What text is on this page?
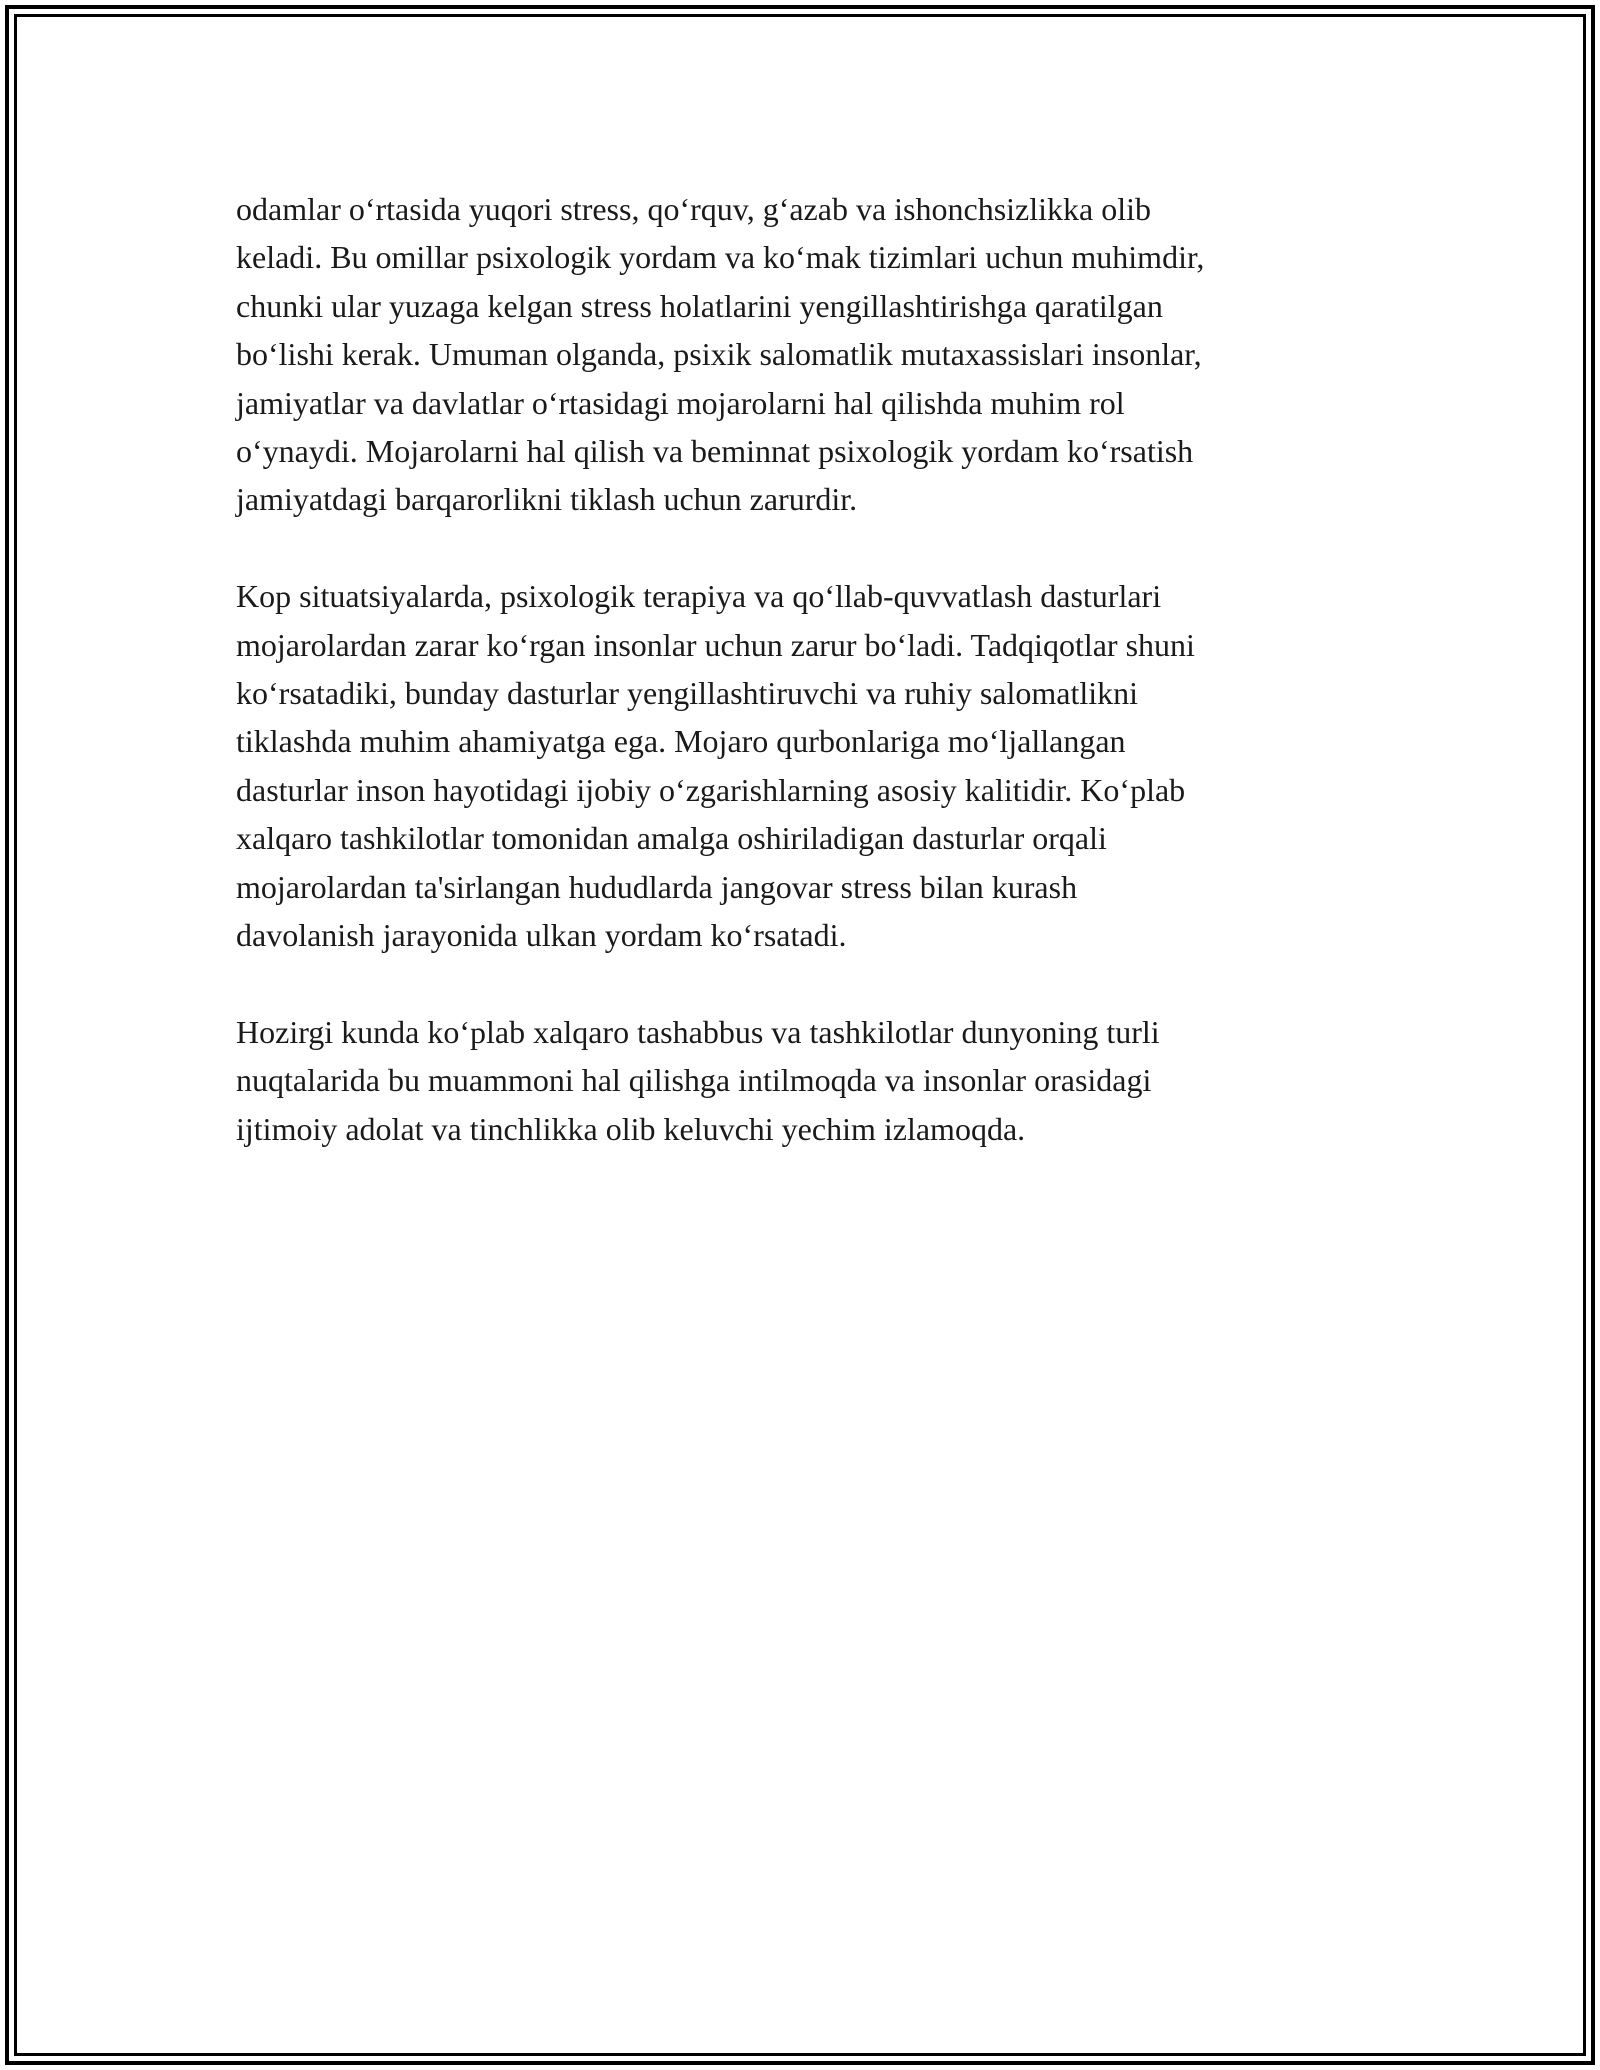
odamlar o‘rtasida yuqori stress, qo‘rquv, g‘azab va ishonchsizlikka olib
keladi. Bu omillar psixologik yordam va ko‘mak tizimlari uchun muhimdir,
chunki ular yuzaga kelgan stress holatlarini yengillashtirishga qaratilgan
bo‘lishi kerak. Umuman olganda, psixik salomatlik mutaxassislari insonlar,
jamiyatlar va davlatlar o‘rtasidagi mojarolarni hal qilishda muhim rol
o‘ynaydi. Mojarolarni hal qilish va beminnat psixologik yordam ko‘rsatish
jamiyatdagi barqarorlikni tiklash uchun zarurdir.

Kop situatsiyalarda, psixologik terapiya va qo‘llab-quvvatlash dasturlari
mojarolardan zarar ko‘rgan insonlar uchun zarur bo‘ladi. Tadqiqotlar shuni
ko‘rsatadiki, bunday dasturlar yengillashtiruvchi va ruhiy salomatlikni
tiklashda muhim ahamiyatga ega. Mojaro qurbonlariga mo‘ljallangan
dasturlar inson hayotidagi ijobiy o‘zgarishlarning asosiy kalitidir. Ko‘plab
xalqaro tashkilotlar tomonidan amalga oshiriladigan dasturlar orqali
mojarolardan ta'sirlangan hududlarda jangovar stress bilan kurash
davolanish jarayonida ulkan yordam ko‘rsatadi.

Hozirgi kunda ko‘plab xalqaro tashabbus va tashkilotlar dunyoning turli
nuqtalarida bu muammoni hal qilishga intilmoqda va insonlar orasidagi
ijtimoiy adolat va tinchlikka olib keluvchi yechim izlamoqda.
